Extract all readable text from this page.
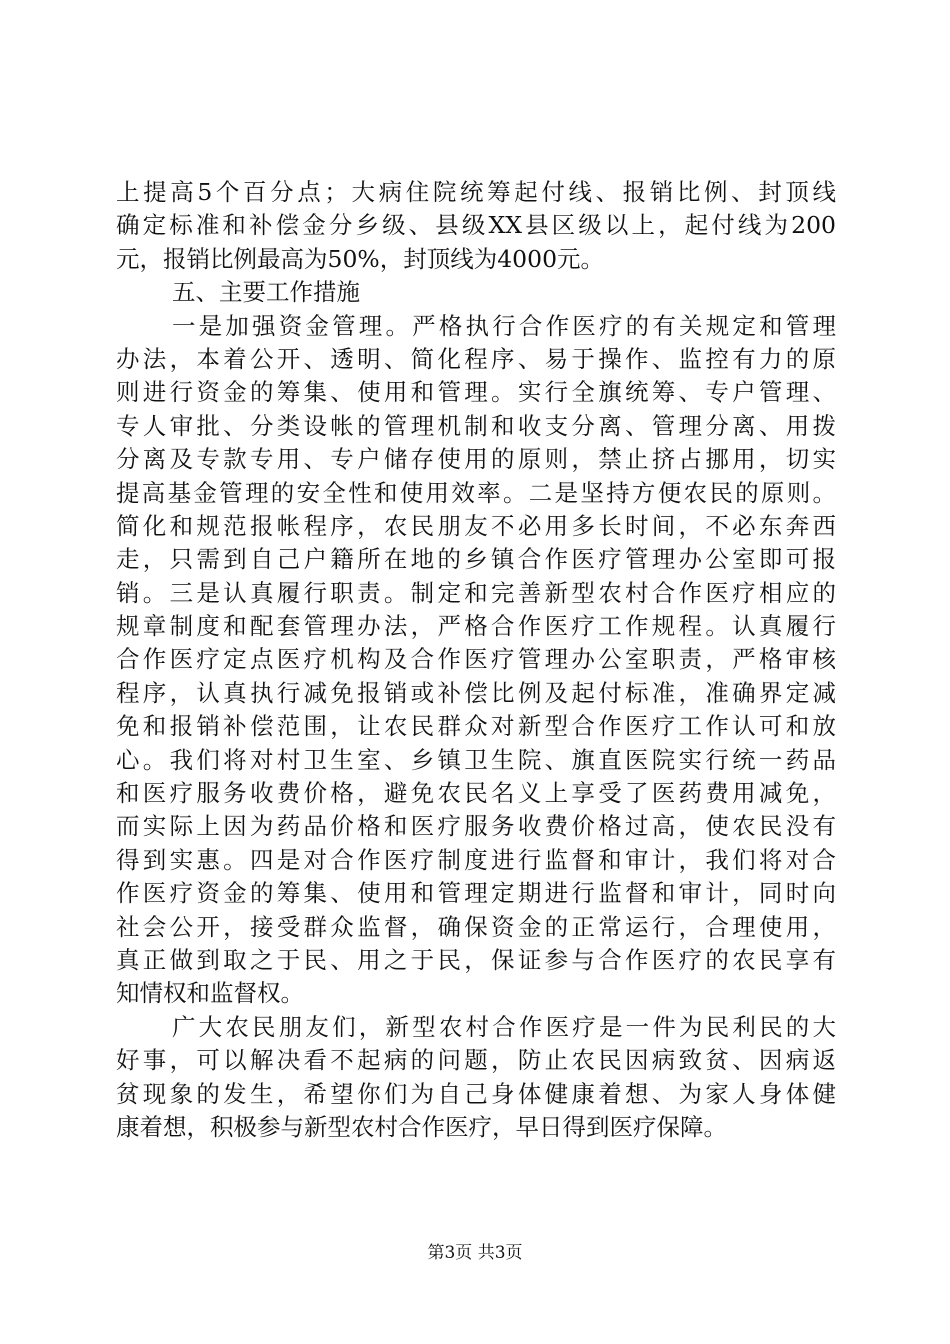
上提高5个百分点；大病住院统筹起付线、报销比例、封顶线
确定标准和补偿金分乡级、县级XX县区级以上，起付线为200
元，报销比例最高为50%，封顶线为4000元。
五、主要工作措施
一是加强资金管理。严格执行合作医疗的有关规定和管理
办法，本着公开、透明、简化程序、易于操作、监控有力的原
则进行资金的筹集、使用和管理。实行全旗统筹、专户管理、
专人审批、分类设帐的管理机制和收支分离、管理分离、用拨
分离及专款专用、专户储存使用的原则，禁止挤占挪用，切实
提高基金管理的安全性和使用效率。二是坚持方便农民的原则。
简化和规范报帐程序，农民朋友不必用多长时间，不必东奔西
走，只需到自己户籍所在地的乡镇合作医疗管理办公室即可报
销。三是认真履行职责。制定和完善新型农村合作医疗相应的
规章制度和配套管理办法，严格合作医疗工作规程。认真履行
合作医疗定点医疗机构及合作医疗管理办公室职责，严格审核
程序，认真执行减免报销或补偿比例及起付标准，准确界定减
免和报销补偿范围，让农民群众对新型合作医疗工作认可和放
心。我们将对村卫生室、乡镇卫生院、旗直医院实行统一药品
和医疗服务收费价格，避免农民名义上享受了医药费用减免，
而实际上因为药品价格和医疗服务收费价格过高，使农民没有
得到实惠。四是对合作医疗制度进行监督和审计，我们将对合
作医疗资金的筹集、使用和管理定期进行监督和审计，同时向
社会公开，接受群众监督，确保资金的正常运行，合理使用，
真正做到取之于民、用之于民，保证参与合作医疗的农民享有
知情权和监督权。
广大农民朋友们，新型农村合作医疗是一件为民利民的大
好事，可以解决看不起病的问题，防止农民因病致贫、因病返
贫现象的发生，希望你们为自己身体健康着想、为家人身体健
康着想，积极参与新型农村合作医疗，早日得到医疗保障。
第3页 共3页
